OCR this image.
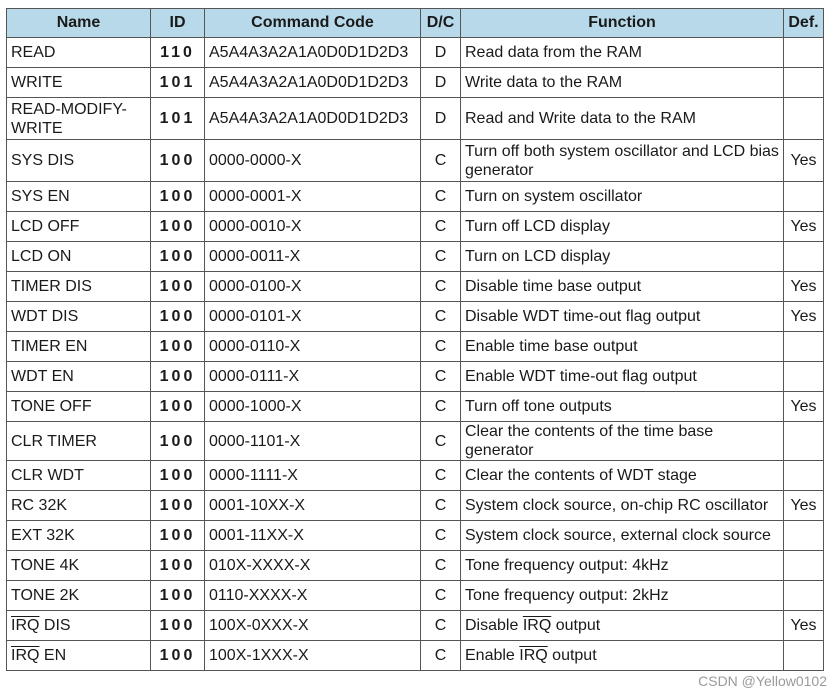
Name	ID	Command Code	D/C	Function	Def.
READ	110	A5A4A3A2A1A0D0D1D2D3	D	Read data from the RAM	
WRITE	101	A5A4A3A2A1A0D0D1D2D3	D	Write data to the RAM	
READ-MODIFY-WRITE	101	A5A4A3A2A1A0D0D1D2D3	D	Read and Write data to the RAM	
SYS DIS	100	0000-0000-X	C	Turn off both system oscillator and LCD bias generator	Yes
SYS EN	100	0000-0001-X	C	Turn on system oscillator	
LCD OFF	100	0000-0010-X	C	Turn off LCD display	Yes
LCD ON	100	0000-0011-X	C	Turn on LCD display	
TIMER DIS	100	0000-0100-X	C	Disable time base output	Yes
WDT DIS	100	0000-0101-X	C	Disable WDT time-out flag output	Yes
TIMER EN	100	0000-0110-X	C	Enable time base output	
WDT EN	100	0000-0111-X	C	Enable WDT time-out flag output	
TONE OFF	100	0000-1000-X	C	Turn off tone outputs	Yes
CLR TIMER	100	0000-1101-X	C	Clear the contents of the time base generator	
CLR WDT	100	0000-1111-X	C	Clear the contents of WDT stage	
RC 32K	100	0001-10XX-X	C	System clock source, on-chip RC oscillator	Yes
EXT 32K	100	0001-11XX-X	C	System clock source, external clock source	
TONE 4K	100	010X-XXXX-X	C	Tone frequency output: 4kHz	
TONE 2K	100	0110-XXXX-X	C	Tone frequency output: 2kHz	
$\overline{IRQ}$ DIS	100	100X-0XXX-X	C	Disable $\overline{IRQ}$ output	Yes
$\overline{IRQ}$ EN	100	100X-1XXX-X	C	Enable $\overline{IRQ}$ output	
CSDN @Yellow0102
